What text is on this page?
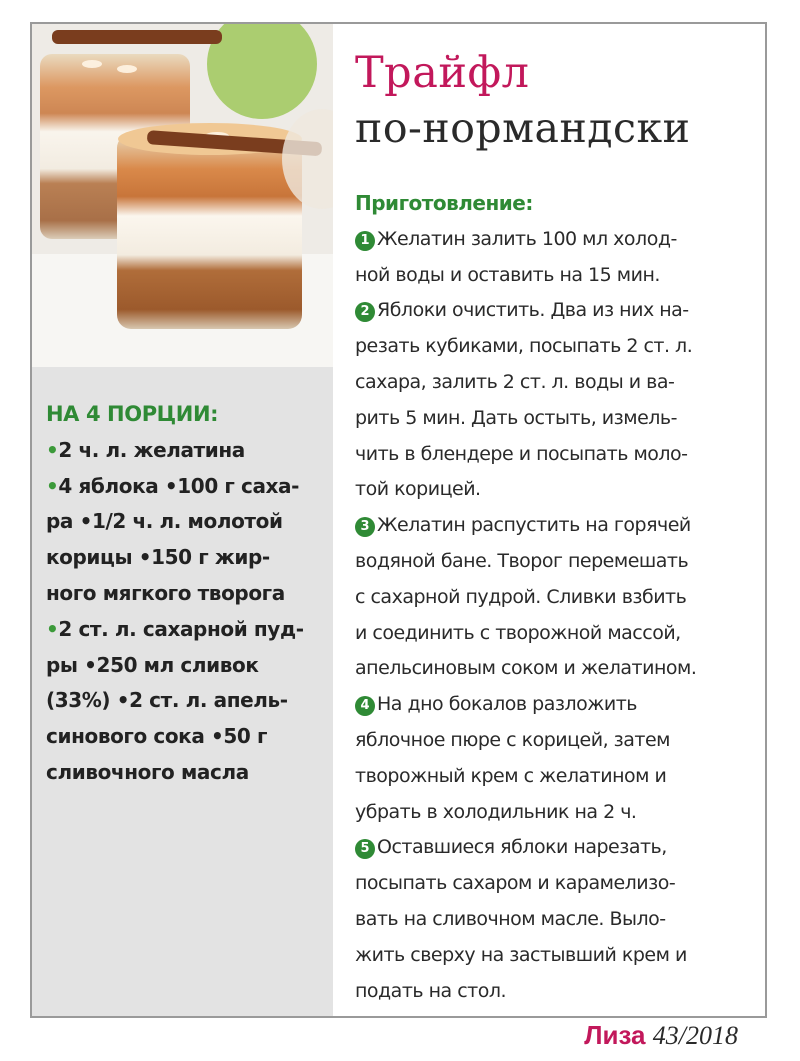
НА 4 ПОРЦИИ:
•2 ч. л. желатина
•4 яблока •100 г саха-
ра •1/2 ч. л. молотой
корицы •150 г жир-
ного мягкого творога
•2 ст. л. сахарной пуд-
ры •250 мл сливок
(33%) •2 ст. л. апель-
синового сока •50 г
сливочного масла
Трайфл
по-нормандски
Приготовление:
1 Желатин залить 100 мл холод-
ной воды и оставить на 15 мин.
2 Яблоки очистить. Два из них на-
резать кубиками, посыпать 2 ст. л.
сахара, залить 2 ст. л. воды и ва-
рить 5 мин. Дать остыть, измель-
чить в блендере и посыпать моло-
той корицей.
3 Желатин распустить на горячей
водяной бане. Творог перемешать
с сахарной пудрой. Сливки взбить
и соединить с творожной массой,
апельсиновым соком и желатином.
4 На дно бокалов разложить
яблочное пюре с корицей, затем
творожный крем с желатином и
убрать в холодильник на 2 ч.
5 Оставшиеся яблоки нарезать,
посыпать сахаром и карамелизо-
вать на сливочном масле. Выло-
жить сверху на застывший крем и
подать на стол.
Лиза 43/2018
